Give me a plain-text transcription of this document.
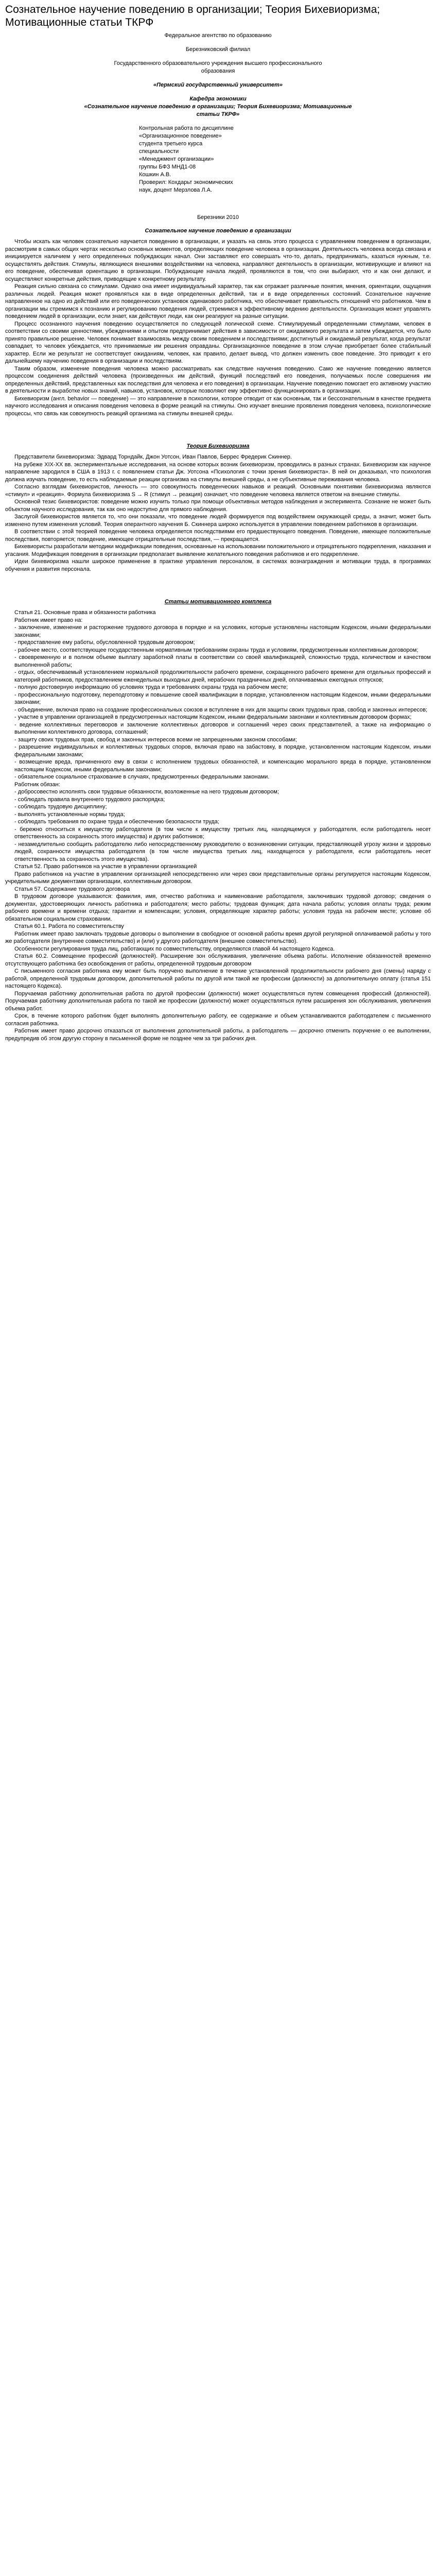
Сознательное научение поведению в организации; Теория Бихевиоризма; Мотивационные статьи ТКРФ
Федеральное агентство по образованию
Березниковский филиал
Государственного образовательного учреждения высшего профессионального образования
«Пермский государственный университет»
Кафедра экономики
«Сознательное научение поведению в организации; Теория Бихевиоризма; Мотивационные статьи ТКРФ»
Контрольная работа по дисциплине
«Организационное поведение»
студента третьего курса
специальности
«Менеджмент организации»
группы БФЗ МНД1-08
Кошкин А.В.
Проверил: Кохдарьт экономических
наук, доцент Мерзлова Л.А.
Березники 2010
Сознательное научение поведению в организации

Чтобы искать как человек сознательно научается поведению в организации, и указать на связь этого процесса с управлением поведением в организации, рассмотрим в самых общих чертах несколько основных моментов, определяющих поведение человека в организации. Деятельность человека всегда связана и инициируется наличием у него определенных побуждающих начал. Они заставляют его совершать что-то, делать, предпринимать, казаться нужным, т.е. осуществлять действия. Стимулы, являющиеся внешними воздействиями на человека, направляют деятельность в организации, мотивирующие и влияют на его поведение, обеспечивая ориентацию в организации. Побуждающие начала людей, проявляются в том, что они выбирают, что и как они делают, и осуществляют конкретные действия, приводящие к конкретному результату.

Реакция сильно связана со стимулами. Однако она имеет индивидуальный характер, так как отражает различные понятия, мнения, ориентации, ощущения различных людей. Реакция может проявляться как в виде определенных действий, так и в виде определенных состояний. Сознательное научение направленное на одно из действий или его поведенческих установок одинакового работника, что обеспечивает правильность отношений что работников. Чем в организации мы стремимся к познанию и регулированию поведения людей, стремимся к эффективному ведению деятельности. Организация может управлять поведением людей в организации, если знает, как действуют люди, как они реагируют на разные ситуации.

Процесс осознанного научения поведению осуществляется по следующей логической схеме. Стимулируемый определенными стимулами, человек в соответствии со своими ценностями, убеждениями и опытом предпринимает действия в зависимости от ожидаемого результата и затем убеждается, что было принято правильное решение. Человек понимает взаимосвязь между своим поведением и последствиями; достигнутый и ожидаемый результат, когда результат совпадает, то человек убеждается, что принимаемые им решения оправданы. Организационное поведение в этом случае приобретает более стабильный характер. Если же результат не соответствует ожиданиям, человек, как правило, делает вывод, что должен изменить свое поведение. Это приводит к его дальнейшему научению поведения в организации и последствиям.

Таким образом, изменение поведения человека можно рассматривать как следствие научения поведению. Само же научение поведению является процессом соединения действий человека (произведенных им действий, функций последствий его поведения, получаемых после совершения им определенных действий, представленных как последствия для человека и его поведения) в организации. Научение поведению помогает его активному участию в деятельности и выработке новых знаний, навыков, установок, которые позволяют ему эффективно функционировать в организации.

Бихевиоризм (англ. behavior — поведение) — это направление в психологии, которое отводит от как основным, так и бессознательным в качестве предмета научного исследования и описания поведения человека в форме реакций на стимулы. Оно изучает внешние проявления поведения человека, психологические процессы, что связь как совокупность реакций организма на стимулы внешней среды.

Теория Бихевиоризма

Представители бихевиоризма: Эдвард Торндайк, Джон Уотсон, Иван Павлов, Беррес Фредерик Скиннер.

На рубеже XIX-XX вв. экспериментальные исследования, на основе которых возник бихевиоризм, проводились в разных странах. Бихевиоризм как научное направление зародился в США в 1913 г. с появлением статьи Дж. Уотсона «Психология с точки зрения бихевиориста». В ней он доказывал, что психология должна изучать поведение, то есть наблюдаемые реакции организма на стимулы внешней среды, а не субъективные переживания человека.

Согласно взглядам бихевиористов, личность — это совокупность поведенческих навыков и реакций. Основными понятиями бихевиоризма являются «стимул» и «реакция». Формула бихевиоризма S → R (стимул → реакция) означает, что поведение человека является ответом на внешние стимулы.

Основной тезис бихевиористов: поведение можно изучить только при помощи объективных методов наблюдения и эксперимента. Сознание не может быть объектом научного исследования, так как оно недоступно для прямого наблюдения.

Заслугой бихевиористов является то, что они показали, что поведение людей формируется под воздействием окружающей среды, а значит, может быть изменено путем изменения условий. Теория оперантного научения Б. Скиннера широко используется в управлении поведением работников в организации.

В соответствии с этой теорией поведение человека определяется последствиями его предшествующего поведения. Поведение, имеющее положительные последствия, повторяется; поведение, имеющее отрицательные последствия, — прекращается.

Бихевиористы разработали методики модификации поведения, основанные на использовании положительного и отрицательного подкрепления, наказания и угасания. Модификация поведения в организации предполагает выявление желательного поведения работников и его подкрепление.

Идеи бихевиоризма нашли широкое применение в практике управления персоналом, в системах вознаграждения и мотивации труда, в программах обучения и развития персонала.

Статьи мотивационного комплекса

Статья 21. Основные права и обязанности работника

Работник имеет право на:

- заключение, изменение и расторжение трудового договора в порядке и на условиях, которые установлены настоящим Кодексом, иными федеральными законами;

- предоставление ему работы, обусловленной трудовым договором;

- рабочее место, соответствующее государственным нормативным требованиям охраны труда и условиям, предусмотренным коллективным договором;

- своевременную и в полном объеме выплату заработной платы в соответствии со своей квалификацией, сложностью труда, количеством и качеством выполненной работы;

- отдых, обеспечиваемый установлением нормальной продолжительности рабочего времени, сокращенного рабочего времени для отдельных профессий и категорий работников, предоставлением еженедельных выходных дней, нерабочих праздничных дней, оплачиваемых ежегодных отпусков;

- полную достоверную информацию об условиях труда и требованиях охраны труда на рабочем месте;

- профессиональную подготовку, переподготовку и повышение своей квалификации в порядке, установленном настоящим Кодексом, иными федеральными законами;

- объединение, включая право на создание профессиональных союзов и вступление в них для защиты своих трудовых прав, свобод и законных интересов;

- участие в управлении организацией в предусмотренных настоящим Кодексом, иными федеральными законами и коллективным договором формах;

- ведение коллективных переговоров и заключение коллективных договоров и соглашений через своих представителей, а также на информацию о выполнении коллективного договора, соглашений;

- защиту своих трудовых прав, свобод и законных интересов всеми не запрещенными законом способами;

- разрешение индивидуальных и коллективных трудовых споров, включая право на забастовку, в порядке, установленном настоящим Кодексом, иными федеральными законами;

- возмещение вреда, причиненного ему в связи с исполнением трудовых обязанностей, и компенсацию морального вреда в порядке, установленном настоящим Кодексом, иными федеральными законами;

- обязательное социальное страхование в случаях, предусмотренных федеральными законами.

Работник обязан:

- добросовестно исполнять свои трудовые обязанности, возложенные на него трудовым договором;

- соблюдать правила внутреннего трудового распорядка;

- соблюдать трудовую дисциплину;

- выполнять установленные нормы труда;

- соблюдать требования по охране труда и обеспечению безопасности труда;

- бережно относиться к имуществу работодателя (в том числе к имуществу третьих лиц, находящемуся у работодателя, если работодатель несет ответственность за сохранность этого имущества) и других работников;

- незамедлительно сообщить работодателю либо непосредственному руководителю о возникновении ситуации, представляющей угрозу жизни и здоровью людей, сохранности имущества работодателя (в том числе имущества третьих лиц, находящегося у работодателя, если работодатель несет ответственность за сохранность этого имущества).

Статья 52. Право работников на участие в управлении организацией

Право работников на участие в управлении организацией непосредственно или через свои представительные органы регулируется настоящим Кодексом, учредительными документами организации, коллективным договором.

Статья 57. Содержание трудового договора

В трудовом договоре указываются: фамилия, имя, отчество работника и наименование работодателя, заключивших трудовой договор; сведения о документах, удостоверяющих личность работника и работодателя; место работы; трудовая функция; дата начала работы; условия оплаты труда; режим рабочего времени и времени отдыха; гарантии и компенсации; условия, определяющие характер работы; условия труда на рабочем месте; условие об обязательном социальном страховании.

Статья 60.1. Работа по совместительству

Работник имеет право заключать трудовые договоры о выполнении в свободное от основной работы время другой регулярной оплачиваемой работы у того же работодателя (внутреннее совместительство) и (или) у другого работодателя (внешнее совместительство).

Особенности регулирования труда лиц, работающих по совместительству, определяются главой 44 настоящего Кодекса.

Статья 60.2. Совмещение профессий (должностей). Расширение зон обслуживания, увеличение объема работы. Исполнение обязанностей временно отсутствующего работника без освобождения от работы, определенной трудовым договором

С письменного согласия работника ему может быть поручено выполнение в течение установленной продолжительности рабочего дня (смены) наряду с работой, определенной трудовым договором, дополнительной работы по другой или такой же профессии (должности) за дополнительную оплату (статья 151 настоящего Кодекса).

Поручаемая работнику дополнительная работа по другой профессии (должности) может осуществляться путем совмещения профессий (должностей). Поручаемая работнику дополнительная работа по такой же профессии (должности) может осуществляться путем расширения зон обслуживания, увеличения объема работ.

Срок, в течение которого работник будет выполнять дополнительную работу, ее содержание и объем устанавливаются работодателем с письменного согласия работника.

Работник имеет право досрочно отказаться от выполнения дополнительной работы, а работодатель — досрочно отменить поручение о ее выполнении, предупредив об этом другую сторону в письменной форме не позднее чем за три рабочих дня.
